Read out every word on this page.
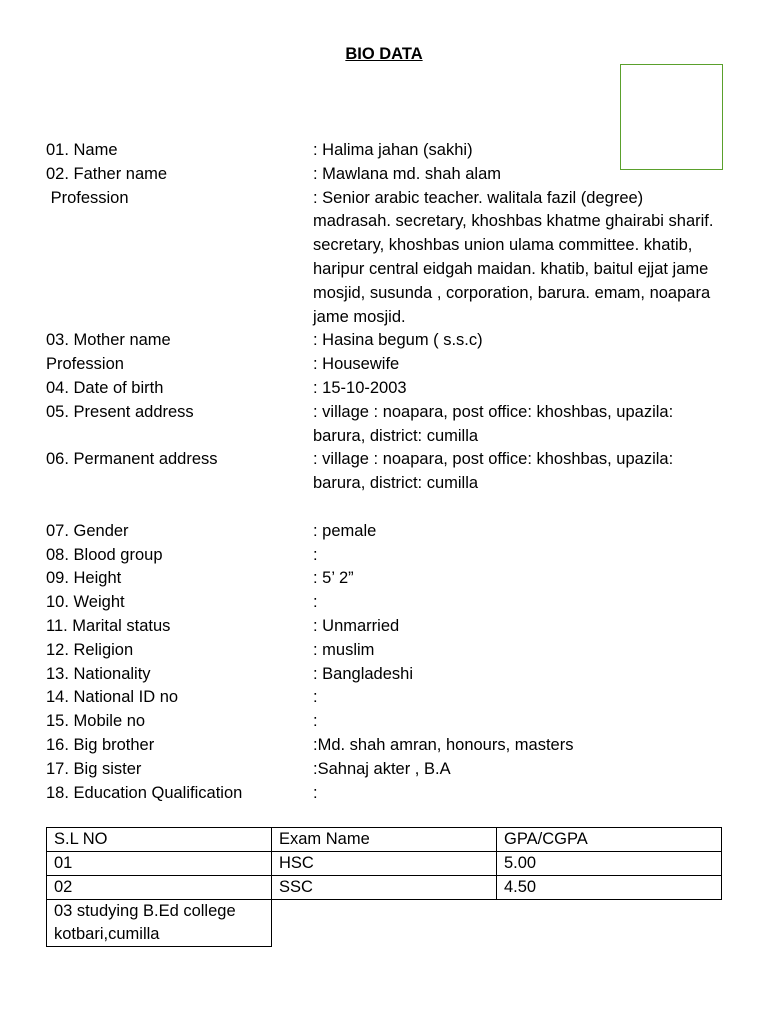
BIO DATA
01. Name	: Halima jahan (sakhi)
02. Father name	: Mawlana md. shah alam
Profession	: Senior arabic teacher. walitala fazil (degree) madrasah. secretary, khoshbas khatme ghairabi sharif. secretary, khoshbas union ulama committee. khatib, haripur central eidgah maidan. khatib, baitul ejjat jame mosjid, susunda , corporation, barura. emam, noapara jame mosjid.
03. Mother name	: Hasina begum ( s.s.c)
Profession	: Housewife
04. Date of birth	: 15-10-2003
05. Present address	: village : noapara, post office: khoshbas, upazila: barura, district: cumilla
06. Permanent address	: village : noapara, post office: khoshbas, upazila: barura, district: cumilla
07. Gender	: pemale
08. Blood group	:
09. Height	: 5’ 2”
10. Weight	:
11. Marital status	: Unmarried
12. Religion	: muslim
13. Nationality	: Bangladeshi
14. National ID no	:
15. Mobile no	:
16. Big brother	:Md. shah amran, honours, masters
17. Big sister	:Sahnaj akter , B.A
18. Education Qualification	:
S.L NO	Exam Name	GPA/CGPA
01	HSC	5.00
02	SSC	4.50

03 studying B.Ed college
kotbari,cumilla		
